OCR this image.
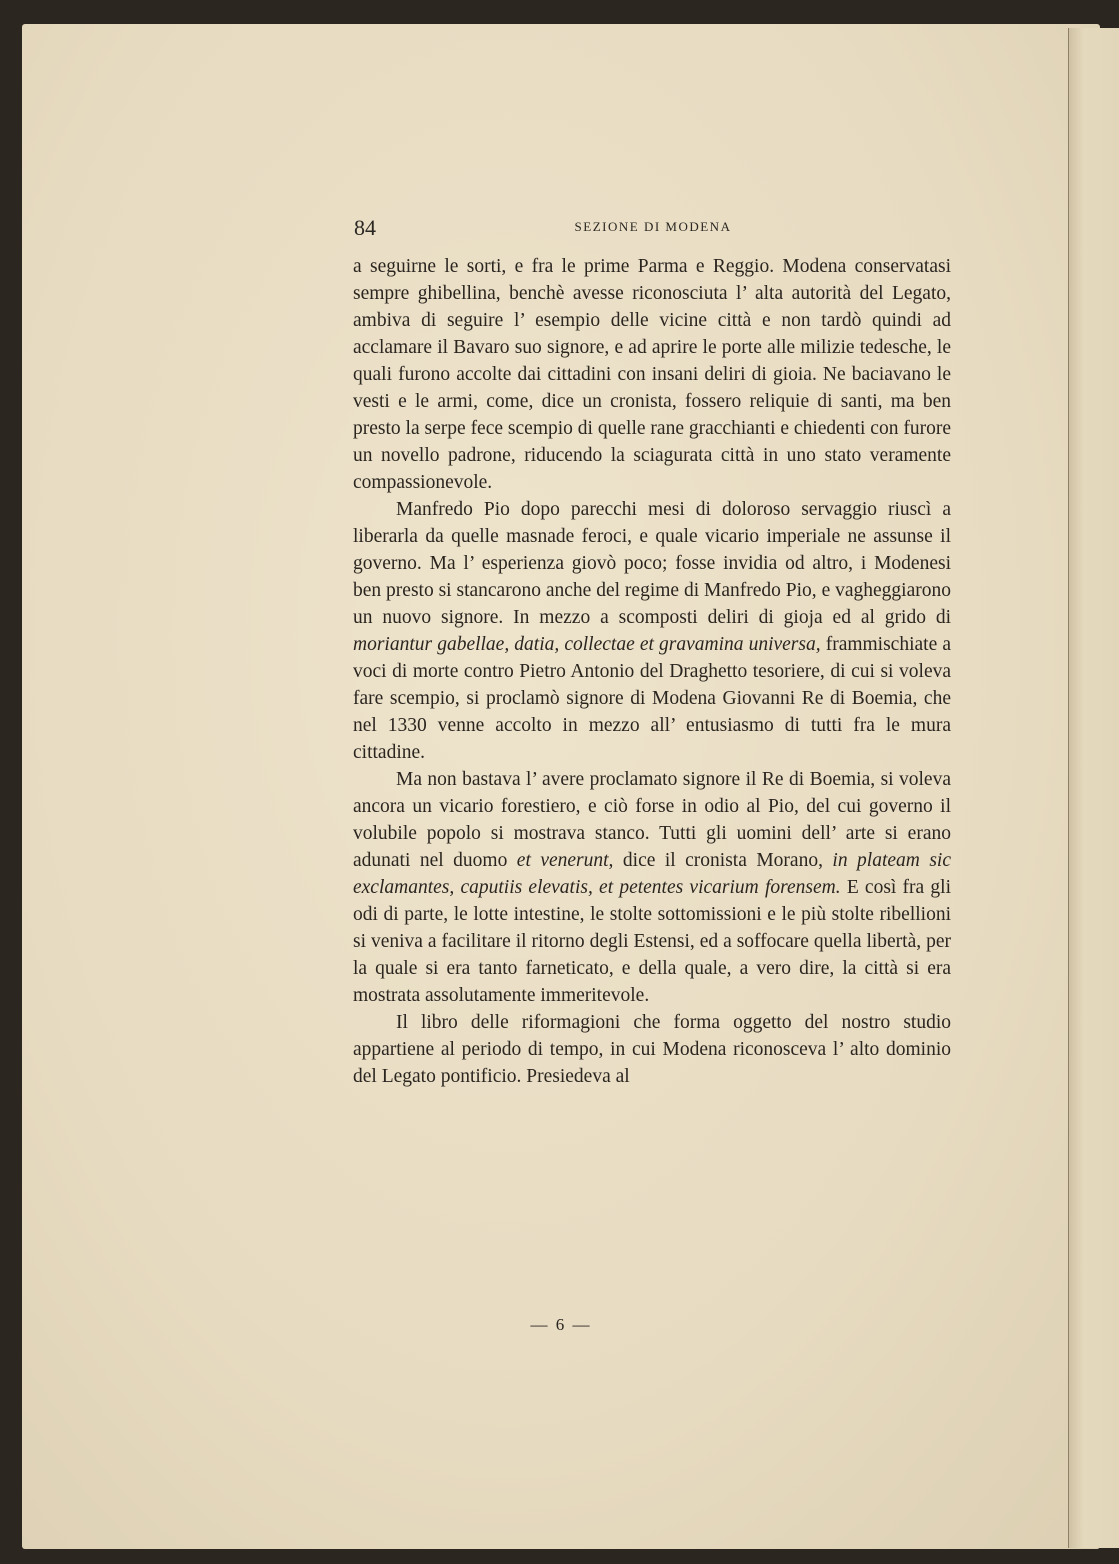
84	SEZIONE DI MODENA

a seguirne le sorti, e fra le prime Parma e Reggio. Modena conservatasi sempre ghibellina, benchè avesse riconosciuta l’ alta autorità del Legato, ambiva di seguire l’ esempio delle vicine città e non tardò quindi ad acclamare il Bavaro suo signore, e ad aprire le porte alle milizie tedesche, le quali furono accolte dai cittadini con insani deliri di gioia. Ne baciavano le vesti e le armi, come, dice un cronista, fossero reliquie di santi, ma ben presto la serpe fece scempio di quelle rane gracchianti e chiedenti con furore un novello padrone, riducendo la sciagurata città in uno stato veramente compassionevole.

Manfredo Pio dopo parecchi mesi di doloroso servaggio riuscì a liberarla da quelle masnade feroci, e quale vicario imperiale ne assunse il governo. Ma l’ esperienza giovò poco; fosse invidia od altro, i Modenesi ben presto si stancarono anche del regime di Manfredo Pio, e vagheggiarono un nuovo signore. In mezzo a scomposti deliri di gioja ed al grido di moriantur gabellae, datia, collectae et gravamina universa, frammischiate a voci di morte contro Pietro Antonio del Draghetto tesoriere, di cui si voleva fare scempio, si proclamò signore di Modena Giovanni Re di Boemia, che nel 1330 venne accolto in mezzo all’ entusiasmo di tutti fra le mura cittadine.

Ma non bastava l’ avere proclamato signore il Re di Boemia, si voleva ancora un vicario forestiero, e ciò forse in odio al Pio, del cui governo il volubile popolo si mostrava stanco. Tutti gli uomini dell’ arte si erano adunati nel duomo et venerunt, dice il cronista Morano, in plateam sic exclamantes, caputiis elevatis, et petentes vicarium forensem. E così fra gli odi di parte, le lotte intestine, le stolte sottomissioni e le più stolte ribellioni si veniva a facilitare il ritorno degli Estensi, ed a soffocare quella libertà, per la quale si era tanto farneticato, e della quale, a vero dire, la città si era mostrata assolutamente immeritevole.

Il libro delle riformagioni che forma oggetto del nostro studio appartiene al periodo di tempo, in cui Modena riconosceva l’ alto dominio del Legato pontificio. Presiedeva al

— 6 —
